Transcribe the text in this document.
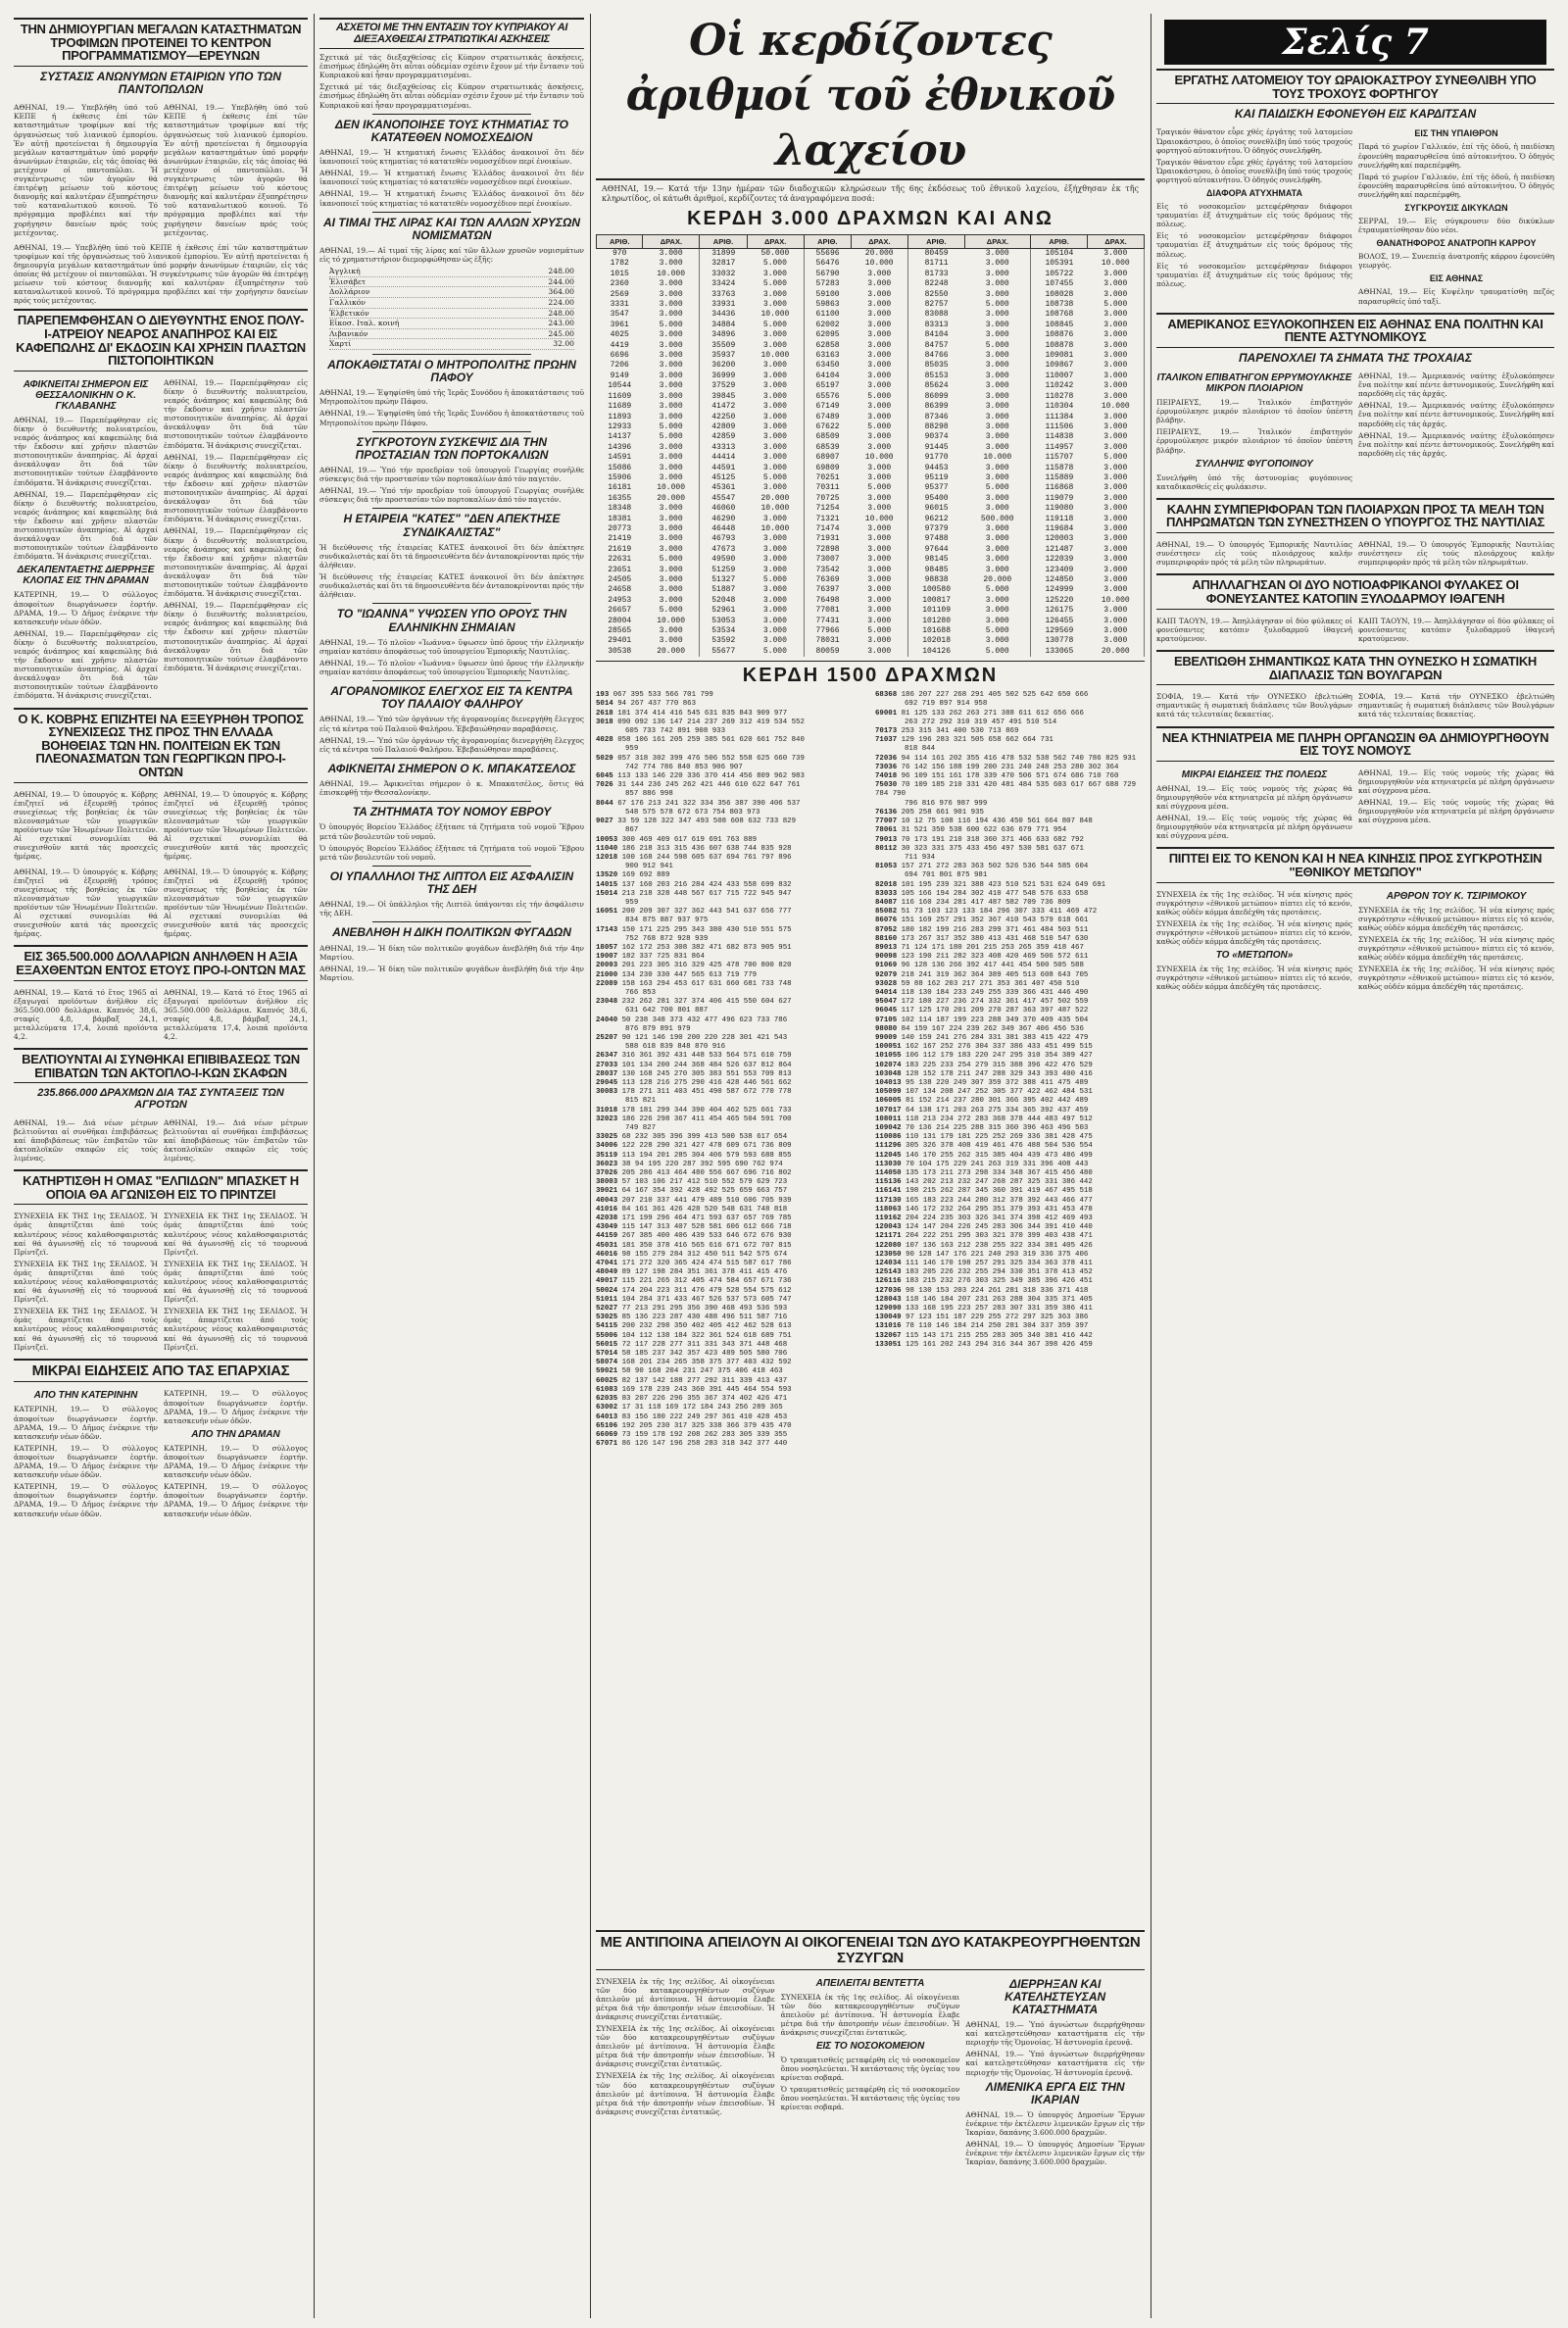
ΤΗΝ ΔΗΜΙΟΥΡΓΙΑΝ ΜΕΓΑΛΩΝ ΚΑΤΑΣΤΗΜΑΤΩΝ ΤΡΟΦΙΜΩΝ ΠΡΟΤΕΙΝΕΙ ΤΟ ΚΕΝΤΡΟΝ ΠΡΟΓΡΑΜΜΑΤΙΣΜΟΥ—ΕΡΕΥΝΩΝ
ΣΥΣΤΑΣΙΣ ΑΝΩΝΥΜΩΝ ΕΤΑΙΡΙΩΝ ΥΠΟ ΤΩΝ ΠΑΝΤΟΠΩΛΩΝ
ΑΘΗΝΑΙ, 19.— Υπεβλήθη ύπό τοῦ ΚΕΠΕ ή έκθεσις ἐπί τῶν καταστημάτων τροφίμων καί τῆς ὀργανώσεως τοῦ λιανικοῦ ἐμπορίου. Ἐν αὐτῇ προτείνεται ἡ δημιουργία μεγάλων καταστημάτων ὑπό μορφήν ἀνωνύμων ἑταιριῶν, εἰς τάς ὁποίας θά μετέχουν οἱ παντοπῶλαι. Ἡ συγκέντρωσις τῶν ἀγορῶν θά ἐπιτρέψῃ μείωσιν τοῦ κόστους διανομῆς καί καλυτέραν ἐξυπηρέτησιν τοῦ καταναλωτικοῦ κοινοῦ. Τό πρόγραμμα προβλέπει καί τήν χορήγησιν δανείων πρός τούς μετέχοντας.
ΑΘΗΝΑΙ, 19.— Υπεβλήθη ύπό τοῦ ΚΕΠΕ ή έκθεσις ἐπί τῶν καταστημάτων τροφίμων καί τῆς ὀργανώσεως τοῦ λιανικοῦ ἐμπορίου. Ἐν αὐτῇ προτείνεται ἡ δημιουργία μεγάλων καταστημάτων ὑπό μορφήν ἀνωνύμων ἑταιριῶν, εἰς τάς ὁποίας θά μετέχουν οἱ παντοπῶλαι. Ἡ συγκέντρωσις τῶν ἀγορῶν θά ἐπιτρέψῃ μείωσιν τοῦ κόστους διανομῆς καί καλυτέραν ἐξυπηρέτησιν τοῦ καταναλωτικοῦ κοινοῦ. Τό πρόγραμμα προβλέπει καί τήν χορήγησιν δανείων πρός τούς μετέχοντας.
ΑΘΗΝΑΙ, 19.— Υπεβλήθη ύπό τοῦ ΚΕΠΕ ή έκθεσις ἐπί τῶν καταστημάτων τροφίμων καί τῆς ὀργανώσεως τοῦ λιανικοῦ ἐμπορίου. Ἐν αὐτῇ προτείνεται ἡ δημιουργία μεγάλων καταστημάτων ὑπό μορφήν ἀνωνύμων ἑταιριῶν, εἰς τάς ὁποίας θά μετέχουν οἱ παντοπῶλαι. Ἡ συγκέντρωσις τῶν ἀγορῶν θά ἐπιτρέψῃ μείωσιν τοῦ κόστους διανομῆς καί καλυτέραν ἐξυπηρέτησιν τοῦ καταναλωτικοῦ κοινοῦ. Τό πρόγραμμα προβλέπει καί τήν χορήγησιν δανείων πρός τούς μετέχοντας.
ΠΑΡΕΠΕΜΦΘΗΣΑΝ Ο ΔΙΕΥΘΥΝΤΗΣ ΕΝΟΣ ΠΟΛΥ-Ι-ΑΤΡΕΙΟΥ ΝΕΑΡΟΣ ΑΝΑΠΗΡΟΣ ΚΑΙ ΕΙΣ ΚΑΦΕΠΩΛΗΣ ΔΙ' ΕΚΔΟΣΙΝ ΚΑΙ ΧΡΗΣΙΝ ΠΛΑΣΤΩΝ ΠΙΣΤΟΠΟΙΗΤΙΚΩΝ
ΑΦΙΚΝΕΙΤΑΙ ΣΗΜΕΡΟΝ ΕΙΣ ΘΕΣΣΑΛΟΝΙΚΗΝ Ο Κ. ΓΚΛΑΒΑΝΗΣ
ΑΘΗΝΑΙ, 19.— Παρεπέμφθησαν εἰς δίκην ὁ διευθυντής πολυιατρείου, νεαρός ἀνάπηρος καί καφεπώλης διά τήν ἔκδοσιν καί χρῆσιν πλαστῶν πιστοποιητικῶν ἀναπηρίας. Αἱ ἀρχαί ἀνεκάλυψαν ὅτι διά τῶν πιστοποιητικῶν τούτων ἐλαμβάνοντο ἐπιδόματα. Ἡ ἀνάκρισις συνεχίζεται.
ΑΘΗΝΑΙ, 19.— Παρεπέμφθησαν εἰς δίκην ὁ διευθυντής πολυιατρείου, νεαρός ἀνάπηρος καί καφεπώλης διά τήν ἔκδοσιν καί χρῆσιν πλαστῶν πιστοποιητικῶν ἀναπηρίας. Αἱ ἀρχαί ἀνεκάλυψαν ὅτι διά τῶν πιστοποιητικῶν τούτων ἐλαμβάνοντο ἐπιδόματα. Ἡ ἀνάκρισις συνεχίζεται.
ΔΕΚΑΠΕΝΤΑΕΤΗΣ ΔΙΕΡΡΗΞΕ ΚΛΟΠΑΣ ΕΙΣ ΤΗΝ ΔΡΑΜΑΝ
ΚΑΤΕΡΙΝΗ, 19.— Ὁ σύλλογος ἀποφοίτων διωργάνωσεν ἑορτήν. ΔΡΑΜΑ, 19.— Ὁ Δῆμος ἐνέκρινε τήν κατασκευήν νέων ὁδῶν.
ΑΘΗΝΑΙ, 19.— Παρεπέμφθησαν εἰς δίκην ὁ διευθυντής πολυιατρείου, νεαρός ἀνάπηρος καί καφεπώλης διά τήν ἔκδοσιν καί χρῆσιν πλαστῶν πιστοποιητικῶν ἀναπηρίας. Αἱ ἀρχαί ἀνεκάλυψαν ὅτι διά τῶν πιστοποιητικῶν τούτων ἐλαμβάνοντο ἐπιδόματα. Ἡ ἀνάκρισις συνεχίζεται.
ΑΘΗΝΑΙ, 19.— Παρεπέμφθησαν εἰς δίκην ὁ διευθυντής πολυιατρείου, νεαρός ἀνάπηρος καί καφεπώλης διά τήν ἔκδοσιν καί χρῆσιν πλαστῶν πιστοποιητικῶν ἀναπηρίας. Αἱ ἀρχαί ἀνεκάλυψαν ὅτι διά τῶν πιστοποιητικῶν τούτων ἐλαμβάνοντο ἐπιδόματα. Ἡ ἀνάκρισις συνεχίζεται.
ΑΘΗΝΑΙ, 19.— Παρεπέμφθησαν εἰς δίκην ὁ διευθυντής πολυιατρείου, νεαρός ἀνάπηρος καί καφεπώλης διά τήν ἔκδοσιν καί χρῆσιν πλαστῶν πιστοποιητικῶν ἀναπηρίας. Αἱ ἀρχαί ἀνεκάλυψαν ὅτι διά τῶν πιστοποιητικῶν τούτων ἐλαμβάνοντο ἐπιδόματα. Ἡ ἀνάκρισις συνεχίζεται.
ΑΘΗΝΑΙ, 19.— Παρεπέμφθησαν εἰς δίκην ὁ διευθυντής πολυιατρείου, νεαρός ἀνάπηρος καί καφεπώλης διά τήν ἔκδοσιν καί χρῆσιν πλαστῶν πιστοποιητικῶν ἀναπηρίας. Αἱ ἀρχαί ἀνεκάλυψαν ὅτι διά τῶν πιστοποιητικῶν τούτων ἐλαμβάνοντο ἐπιδόματα. Ἡ ἀνάκρισις συνεχίζεται.
ΑΘΗΝΑΙ, 19.— Παρεπέμφθησαν εἰς δίκην ὁ διευθυντής πολυιατρείου, νεαρός ἀνάπηρος καί καφεπώλης διά τήν ἔκδοσιν καί χρῆσιν πλαστῶν πιστοποιητικῶν ἀναπηρίας. Αἱ ἀρχαί ἀνεκάλυψαν ὅτι διά τῶν πιστοποιητικῶν τούτων ἐλαμβάνοντο ἐπιδόματα. Ἡ ἀνάκρισις συνεχίζεται.
Ο Κ. ΚΟΒΡΗΣ ΕΠΙΖΗΤΕΙ ΝΑ ΕΞΕΥΡΗΘΗ ΤΡΟΠΟΣ ΣΥΝΕΧΙΣΕΩΣ ΤΗΣ ΠΡΟΣ ΤΗΝ ΕΛΛΑΔΑ ΒΟΗΘΕΙΑΣ ΤΩΝ ΗΝ. ΠΟΛΙΤΕΙΩΝ ΕΚ ΤΩΝ ΠΛΕΟΝΑΣΜΑΤΩΝ ΤΩΝ ΓΕΩΡΓΙΚΩΝ ΠΡΟ-Ι-ΟΝΤΩΝ
ΑΘΗΝΑΙ, 19.— Ὁ ὑπουργός κ. Κόβρης ἐπιζητεῖ νά ἐξευρεθῇ τρόπος συνεχίσεως τῆς βοηθείας ἐκ τῶν πλεονασμάτων τῶν γεωργικῶν προϊόντων τῶν Ἡνωμένων Πολιτειῶν. Αἱ σχετικαί συνομιλίαι θά συνεχισθοῦν κατά τάς προσεχεῖς ἡμέρας.
ΑΘΗΝΑΙ, 19.— Ὁ ὑπουργός κ. Κόβρης ἐπιζητεῖ νά ἐξευρεθῇ τρόπος συνεχίσεως τῆς βοηθείας ἐκ τῶν πλεονασμάτων τῶν γεωργικῶν προϊόντων τῶν Ἡνωμένων Πολιτειῶν. Αἱ σχετικαί συνομιλίαι θά συνεχισθοῦν κατά τάς προσεχεῖς ἡμέρας.
ΑΘΗΝΑΙ, 19.— Ὁ ὑπουργός κ. Κόβρης ἐπιζητεῖ νά ἐξευρεθῇ τρόπος συνεχίσεως τῆς βοηθείας ἐκ τῶν πλεονασμάτων τῶν γεωργικῶν προϊόντων τῶν Ἡνωμένων Πολιτειῶν. Αἱ σχετικαί συνομιλίαι θά συνεχισθοῦν κατά τάς προσεχεῖς ἡμέρας.
ΑΘΗΝΑΙ, 19.— Ὁ ὑπουργός κ. Κόβρης ἐπιζητεῖ νά ἐξευρεθῇ τρόπος συνεχίσεως τῆς βοηθείας ἐκ τῶν πλεονασμάτων τῶν γεωργικῶν προϊόντων τῶν Ἡνωμένων Πολιτειῶν. Αἱ σχετικαί συνομιλίαι θά συνεχισθοῦν κατά τάς προσεχεῖς ἡμέρας.
ΕΙΣ 365.500.000 ΔΟΛΛΑΡΙΩΝ ΑΝΗΛΘΕΝ Η ΑΞΙΑ ΕΞΑΧΘΕΝΤΩΝ ΕΝΤΟΣ ΕΤΟΥΣ ΠΡΟ-Ι-ΟΝΤΩΝ ΜΑΣ
ΑΘΗΝΑΙ, 19.— Κατά τό ἔτος 1965 αἱ ἐξαγωγαί προϊόντων ἀνῆλθον εἰς 365.500.000 δολλάρια. Καπνός 38,6, σταφίς 4,8, βάμβαξ 24,1, μεταλλεύματα 17,4, λοιπά προϊόντα 4,2.
ΑΘΗΝΑΙ, 19.— Κατά τό ἔτος 1965 αἱ ἐξαγωγαί προϊόντων ἀνῆλθον εἰς 365.500.000 δολλάρια. Καπνός 38,6, σταφίς 4,8, βάμβαξ 24,1, μεταλλεύματα 17,4, λοιπά προϊόντα 4,2.
ΒΕΛΤΙΟΥΝΤΑΙ ΑΙ ΣΥΝΘΗΚΑΙ ΕΠΙΒΙΒΑΣΕΩΣ ΤΩΝ ΕΠΙΒΑΤΩΝ ΤΩΝ ΑΚΤΟΠΛΟ-Ι-ΚΩΝ ΣΚΑΦΩΝ
235.866.000 ΔΡΑΧΜΩΝ ΔΙΑ ΤΑΣ ΣΥΝΤΑΞΕΙΣ ΤΩΝ ΑΓΡΟΤΩΝ
ΑΘΗΝΑΙ, 19.— Διά νέων μέτρων βελτιοῦνται αἱ συνθῆκαι ἐπιβιβάσεως καί ἀποβιβάσεως τῶν ἐπιβατῶν τῶν ἀκτοπλοϊκῶν σκαφῶν εἰς τούς λιμένας.
ΑΘΗΝΑΙ, 19.— Διά νέων μέτρων βελτιοῦνται αἱ συνθῆκαι ἐπιβιβάσεως καί ἀποβιβάσεως τῶν ἐπιβατῶν τῶν ἀκτοπλοϊκῶν σκαφῶν εἰς τούς λιμένας.
ΚΑΤΗΡΤΙΣΘΗ Η ΟΜΑΣ "ΕΛΠΙΔΩΝ" ΜΠΑΣΚΕΤ Η ΟΠΟΙΑ ΘΑ ΑΓΩΝΙΣΘΗ ΕΙΣ ΤΟ ΠΡΙΝΤΖΕΙ
ΣΥΝΕΧΕΙΑ ΕΚ ΤΗΣ 1ης ΣΕΛΙΔΟΣ. Ἡ ὁμάς ἀπαρτίζεται ἀπό τούς καλυτέρους νέους καλαθοσφαιριστάς καί θά ἀγωνισθῇ εἰς τό τουρνουά Πρίντζεϊ.
ΣΥΝΕΧΕΙΑ ΕΚ ΤΗΣ 1ης ΣΕΛΙΔΟΣ. Ἡ ὁμάς ἀπαρτίζεται ἀπό τούς καλυτέρους νέους καλαθοσφαιριστάς καί θά ἀγωνισθῇ εἰς τό τουρνουά Πρίντζεϊ.
ΣΥΝΕΧΕΙΑ ΕΚ ΤΗΣ 1ης ΣΕΛΙΔΟΣ. Ἡ ὁμάς ἀπαρτίζεται ἀπό τούς καλυτέρους νέους καλαθοσφαιριστάς καί θά ἀγωνισθῇ εἰς τό τουρνουά Πρίντζεϊ.
ΣΥΝΕΧΕΙΑ ΕΚ ΤΗΣ 1ης ΣΕΛΙΔΟΣ. Ἡ ὁμάς ἀπαρτίζεται ἀπό τούς καλυτέρους νέους καλαθοσφαιριστάς καί θά ἀγωνισθῇ εἰς τό τουρνουά Πρίντζεϊ.
ΣΥΝΕΧΕΙΑ ΕΚ ΤΗΣ 1ης ΣΕΛΙΔΟΣ. Ἡ ὁμάς ἀπαρτίζεται ἀπό τούς καλυτέρους νέους καλαθοσφαιριστάς καί θά ἀγωνισθῇ εἰς τό τουρνουά Πρίντζεϊ.
ΣΥΝΕΧΕΙΑ ΕΚ ΤΗΣ 1ης ΣΕΛΙΔΟΣ. Ἡ ὁμάς ἀπαρτίζεται ἀπό τούς καλυτέρους νέους καλαθοσφαιριστάς καί θά ἀγωνισθῇ εἰς τό τουρνουά Πρίντζεϊ.
ΜΙΚΡΑΙ ΕΙΔΗΣΕΙΣ ΑΠΟ ΤΑΣ ΕΠΑΡΧΙΑΣ
ΑΠΟ ΤΗΝ ΚΑΤΕΡΙΝΗΝ
ΚΑΤΕΡΙΝΗ, 19.— Ὁ σύλλογος ἀποφοίτων διωργάνωσεν ἑορτήν. ΔΡΑΜΑ, 19.— Ὁ Δῆμος ἐνέκρινε τήν κατασκευήν νέων ὁδῶν.
ΚΑΤΕΡΙΝΗ, 19.— Ὁ σύλλογος ἀποφοίτων διωργάνωσεν ἑορτήν. ΔΡΑΜΑ, 19.— Ὁ Δῆμος ἐνέκρινε τήν κατασκευήν νέων ὁδῶν.
ΚΑΤΕΡΙΝΗ, 19.— Ὁ σύλλογος ἀποφοίτων διωργάνωσεν ἑορτήν. ΔΡΑΜΑ, 19.— Ὁ Δῆμος ἐνέκρινε τήν κατασκευήν νέων ὁδῶν.
ΚΑΤΕΡΙΝΗ, 19.— Ὁ σύλλογος ἀποφοίτων διωργάνωσεν ἑορτήν. ΔΡΑΜΑ, 19.— Ὁ Δῆμος ἐνέκρινε τήν κατασκευήν νέων ὁδῶν.
ΑΠΟ ΤΗΝ ΔΡΑΜΑΝ
ΚΑΤΕΡΙΝΗ, 19.— Ὁ σύλλογος ἀποφοίτων διωργάνωσεν ἑορτήν. ΔΡΑΜΑ, 19.— Ὁ Δῆμος ἐνέκρινε τήν κατασκευήν νέων ὁδῶν.
ΚΑΤΕΡΙΝΗ, 19.— Ὁ σύλλογος ἀποφοίτων διωργάνωσεν ἑορτήν. ΔΡΑΜΑ, 19.— Ὁ Δῆμος ἐνέκρινε τήν κατασκευήν νέων ὁδῶν.
ΑΣΧΕΤΟΙ ΜΕ ΤΗΝ ΕΝΤΑΣΙΝ ΤΟΥ ΚΥΠΡΙΑΚΟΥ ΑΙ ΔΙΕΞΑΧΘΕΙΣΑΙ ΣΤΡΑΤΙΩΤΙΚΑΙ ΑΣΚΗΣΕΙΣ
Σχετικά μέ τάς διεξαχθείσας εἰς Κύπρον στρατιωτικάς ἀσκήσεις, ἐπισήμως ἐδηλώθη ὅτι αὗται οὐδεμίαν σχέσιν ἔχουν μέ τήν ἔντασιν τοῦ Κυπριακοῦ καί ἦσαν προγραμματισμέναι.
Σχετικά μέ τάς διεξαχθείσας εἰς Κύπρον στρατιωτικάς ἀσκήσεις, ἐπισήμως ἐδηλώθη ὅτι αὗται οὐδεμίαν σχέσιν ἔχουν μέ τήν ἔντασιν τοῦ Κυπριακοῦ καί ἦσαν προγραμματισμέναι.
ΔΕΝ ΙΚΑΝΟΠΟΙΗΣΕ ΤΟΥΣ ΚΤΗΜΑΤΙΑΣ ΤΟ ΚΑΤΑΤΕΘΕΝ ΝΟΜΟΣΧΕΔΙΟΝ
ΑΘΗΝΑΙ, 19.— Ἡ κτηματική ἕνωσις Ἑλλάδος ἀνακοινοῖ ὅτι δέν ἱκανοποιεῖ τούς κτηματίας τό κατατεθέν νομοσχέδιον περί ἐνοικίων.
ΑΘΗΝΑΙ, 19.— Ἡ κτηματική ἕνωσις Ἑλλάδος ἀνακοινοῖ ὅτι δέν ἱκανοποιεῖ τούς κτηματίας τό κατατεθέν νομοσχέδιον περί ἐνοικίων.
ΑΘΗΝΑΙ, 19.— Ἡ κτηματική ἕνωσις Ἑλλάδος ἀνακοινοῖ ὅτι δέν ἱκανοποιεῖ τούς κτηματίας τό κατατεθέν νομοσχέδιον περί ἐνοικίων.
ΑΙ ΤΙΜΑΙ ΤΗΣ ΛΙΡΑΣ ΚΑΙ ΤΩΝ ΑΛΛΩΝ ΧΡΥΣΩΝ ΝΟΜΙΣΜΑΤΩΝ
ΑΘΗΝΑΙ, 19.— Αἱ τιμαί τῆς λίρας καί τῶν ἄλλων χρυσῶν νομισμάτων εἰς τό χρηματιστήριον διεμορφώθησαν ὡς ἑξῆς:
Ἀγγλική	248.00
Ἐλισάβετ	244.00
Δολλάριον	364.00
Γαλλικόν	224.00
Ἐλβετικόν	248.00
Εἰκοσ. Ιταλ. κοινή	243.00
Λιβανικόν	245.00
Χαρτί	32.00
ΑΠΟΚΑΘΙΣΤΑΤΑΙ Ο ΜΗΤΡΟΠΟΛΙΤΗΣ ΠΡΩΗΝ ΠΑΦΟΥ
ΑΘΗΝΑΙ, 19.— Ἐψηφίσθη ὑπό τῆς Ἱερᾶς Συνόδου ἡ ἀποκατάστασις τοῦ Μητροπολίτου πρώην Πάφου.
ΑΘΗΝΑΙ, 19.— Ἐψηφίσθη ὑπό τῆς Ἱερᾶς Συνόδου ἡ ἀποκατάστασις τοῦ Μητροπολίτου πρώην Πάφου.
ΣΥΓΚΡΟΤΟΥΝ ΣΥΣΚΕΨΙΣ ΔΙΑ ΤΗΝ ΠΡΟΣΤΑΣΙΑΝ ΤΩΝ ΠΟΡΤΟΚΑΛΙΩΝ
ΑΘΗΝΑΙ, 19.— Ὑπό τήν προεδρίαν τοῦ ὑπουργοῦ Γεωργίας συνῆλθε σύσκεψις διά τήν προστασίαν τῶν πορτοκαλίων ἀπό τόν παγετόν.
ΑΘΗΝΑΙ, 19.— Ὑπό τήν προεδρίαν τοῦ ὑπουργοῦ Γεωργίας συνῆλθε σύσκεψις διά τήν προστασίαν τῶν πορτοκαλίων ἀπό τόν παγετόν.
Η ΕΤΑΙΡΕΙΑ "ΚΑΤΕΣ" "ΔΕΝ ΑΠΕΚΤΗΣΕ ΣΥΝΔΙΚΑΛΙΣΤΑΣ"
Ἡ διεύθυνσις τῆς ἑταιρείας ΚΑΤΕΣ ἀνακοινοῖ ὅτι δέν ἀπέκτησε συνδικαλιστάς καί ὅτι τά δημοσιευθέντα δέν ἀνταποκρίνονται πρός τήν ἀλήθειαν.
Ἡ διεύθυνσις τῆς ἑταιρείας ΚΑΤΕΣ ἀνακοινοῖ ὅτι δέν ἀπέκτησε συνδικαλιστάς καί ὅτι τά δημοσιευθέντα δέν ἀνταποκρίνονται πρός τήν ἀλήθειαν.
ΤΟ "ΙΩΑΝΝΑ" ΥΨΩΣΕΝ ΥΠΟ ΟΡΟΥΣ ΤΗΝ ΕΛΛΗΝΙΚΗΝ ΣΗΜΑΙΑΝ
ΑΘΗΝΑΙ, 19.— Τό πλοῖον «Ἰωάννα» ὕψωσεν ὑπό ὅρους τήν ἑλληνικήν σημαίαν κατόπιν ἀποφάσεως τοῦ ὑπουργείου Ἐμπορικῆς Ναυτιλίας.
ΑΘΗΝΑΙ, 19.— Τό πλοῖον «Ἰωάννα» ὕψωσεν ὑπό ὅρους τήν ἑλληνικήν σημαίαν κατόπιν ἀποφάσεως τοῦ ὑπουργείου Ἐμπορικῆς Ναυτιλίας.
ΑΓΟΡΑΝΟΜΙΚΟΣ ΕΛΕΓΧΟΣ ΕΙΣ ΤΑ ΚΕΝΤΡΑ ΤΟΥ ΠΑΛΑΙΟΥ ΦΑΛΗΡΟΥ
ΑΘΗΝΑΙ, 19.— Ὑπό τῶν ὀργάνων τῆς ἀγορανομίας διενεργήθη ἔλεγχος εἰς τά κέντρα τοῦ Παλαιοῦ Φαλήρου. Ἐβεβαιώθησαν παραβάσεις.
ΑΘΗΝΑΙ, 19.— Ὑπό τῶν ὀργάνων τῆς ἀγορανομίας διενεργήθη ἔλεγχος εἰς τά κέντρα τοῦ Παλαιοῦ Φαλήρου. Ἐβεβαιώθησαν παραβάσεις.
ΑΦΙΚΝΕΙΤΑΙ ΣΗΜΕΡΟΝ Ο Κ. ΜΠΑΚΑΤΣΕΛΟΣ
ΑΘΗΝΑΙ, 19.— Ἀφικνεῖται σήμερον ὁ κ. Μπακατσέλος, ὅστις θά ἐπισκεφθῇ τήν Θεσσαλονίκην.
ΤΑ ΖΗΤΗΜΑΤΑ ΤΟΥ ΝΟΜΟΥ ΕΒΡΟΥ
Ὁ ὑπουργός Βορείου Ἑλλάδος ἐξήτασε τά ζητήματα τοῦ νομοῦ Ἕβρου μετά τῶν βουλευτῶν τοῦ νομοῦ.
Ὁ ὑπουργός Βορείου Ἑλλάδος ἐξήτασε τά ζητήματα τοῦ νομοῦ Ἕβρου μετά τῶν βουλευτῶν τοῦ νομοῦ.
ΟΙ ΥΠΑΛΛΗΛΟΙ ΤΗΣ ΛΙΠΤΟΛ ΕΙΣ ΑΣΦΑΛΙΣΙΝ ΤΗΣ ΔΕΗ
ΑΘΗΝΑΙ, 19.— Οἱ ὑπάλληλοι τῆς Λιπτόλ ὑπάγονται εἰς τήν ἀσφάλισιν τῆς ΔΕΗ.
ΑΝΕΒΛΗΘΗ Η ΔΙΚΗ ΠΟΛΙΤΙΚΩΝ ΦΥΓΑΔΩΝ
ΑΘΗΝΑΙ, 19.— Ἡ δίκη τῶν πολιτικῶν φυγάδων ἀνεβλήθη διά τήν 4ην Μαρτίου.
ΑΘΗΝΑΙ, 19.— Ἡ δίκη τῶν πολιτικῶν φυγάδων ἀνεβλήθη διά τήν 4ην Μαρτίου.
Οἱ κερδίζοντες ἀριθμοί τοῦ ἐθνικοῦ λαχείου
ΑΘΗΝΑΙ, 19.— Κατά τήν 13ην ἡμέραν τῶν διαδοχικῶν κληρώσεων τῆς 6ης ἐκδόσεως τοῦ ἐθνικοῦ λαχείου, ἐξήχθησαν ἐκ τῆς κληρωτίδος, οἱ κάτωθι ἀριθμοί, κερδίζοντες τά ἀναγραφόμενα ποσά:
ΚΕΡΔΗ 3.000 ΔΡΑΧΜΩΝ ΚΑΙ ΑΝΩ
ΑΡΙΘ.	ΔΡΑΧ.	ΑΡΙΘ.	ΔΡΑΧ.	ΑΡΙΘ.	ΔΡΑΧ.	ΑΡΙΘ.	ΔΡΑΧ.	ΑΡΙΘ.	ΔΡΑΧ.
970	3.000	31899	50.000	55696	20.000	80459	3.000	105104	3.000
1782	3.000	32817	5.000	56476	10.000	81711	3.000	105391	10.000
1015	10.000	33032	3.000	56790	3.000	81733	3.000	105722	3.000
2360	3.000	33424	5.000	57283	3.000	82248	3.000	107455	3.000
2569	3.000	33763	3.000	59100	3.000	82550	3.000	108028	3.000
3331	3.000	33931	3.000	59863	3.000	82757	5.000	108738	5.000
3547	3.000	34436	10.000	61100	3.000	83088	3.000	108768	3.000
3961	5.000	34884	5.000	62002	3.000	83313	3.000	108845	3.000
4025	3.000	34896	3.000	62095	3.000	84104	3.000	108876	3.000
4419	3.000	35509	3.000	62858	3.000	84757	5.000	108878	3.000
6696	3.000	35937	10.000	63163	3.000	84766	3.000	109081	3.000
7206	3.000	36200	3.000	63450	3.000	85035	3.000	109867	3.000
9149	3.000	36999	3.000	64104	3.000	85153	3.000	110007	3.000
10544	3.000	37529	3.000	65197	3.000	85624	3.000	110242	3.000
11609	3.000	39845	3.000	65576	5.000	86099	3.000	110278	3.000
11689	3.000	41472	3.000	67149	3.000	86399	3.000	110304	10.000
11893	3.000	42250	3.000	67489	3.000	87346	3.000	111384	3.000
12933	5.000	42809	3.000	67622	5.000	88298	3.000	111506	3.000
14137	5.000	42859	3.000	68509	3.000	90374	3.000	114838	3.000
14396	3.000	43313	3.000	68539	3.000	91445	3.000	114957	3.000
14591	3.000	44414	3.000	68907	10.000	91770	10.000	115707	5.000
15086	3.000	44591	3.000	69809	3.000	94453	3.000	115878	3.000
15906	3.000	45125	5.000	70251	3.000	95119	3.000	115889	3.000
16181	10.000	45361	3.000	70311	5.000	95377	5.000	116868	3.000
16355	20.000	45547	20.000	70725	3.000	95400	3.000	119079	3.000
18348	3.000	46060	10.000	71254	3.000	96015	3.000	119080	3.000
18381	3.000	46290	3.000	71321	10.000	96212	500.000	119118	3.000
20773	3.000	46448	10.000	71474	3.000	97379	3.000	119684	3.000
21419	3.000	46793	3.000	71931	3.000	97488	3.000	120003	3.000
21619	3.000	47673	3.000	72898	3.000	97644	3.000	121487	3.000
22631	5.000	49590	3.000	73007	3.000	98145	3.000	122039	3.000
23651	3.000	51259	3.000	73542	3.000	98485	3.000	123409	3.000
24505	3.000	51327	5.000	76369	3.000	98838	20.000	124850	3.000
24658	3.000	51887	3.000	76397	3.000	100580	5.000	124999	3.000
24953	3.000	52048	3.000	76498	3.000	100817	3.000	125220	10.000
26657	5.000	52961	3.000	77081	3.000	101109	3.000	126175	3.000
28004	10.000	53053	3.000	77431	3.000	101280	3.000	126455	3.000
28565	3.000	53534	3.000	77966	5.000	101688	5.000	129569	3.000
29401	3.000	53592	3.000	78031	3.000	102018	3.000	130778	3.000
30538	20.000	55677	5.000	80059	3.000	104126	5.000	133065	20.000
ΚΕΡΔΗ 1500 ΔΡΑΧΜΩΝ
193 067 395 533 566 701 799
5014 94 267 437 770 863
2618 181 374 414 416 545 631 835 843 909 977
3018 090 092 136 147 214 237 269 312 419 534 552
605 733 742 891 908 933
4028 058 106 161 205 259 385 561 620 661 752 840
959
5029 057 318 302 399 476 506 552 558 625 660 739
742 774 786 840 853 906 907
6045 113 133 146 220 336 370 414 456 809 962 983
7026 31 144 236 245 262 421 446 610 622 647 761
857 886 998
8044 67 176 213 241 322 334 356 387 390 406 537
548 575 578 672 673 754 803 973
9027 33 59 128 322 347 493 508 608 632 733 829
867
10053 300 469 409 617 619 691 763 889
11040 186 218 313 315 436 607 638 744 835 928
12018 100 168 244 598 605 637 694 761 797 896
900 912 941
13520 169 692 889
14015 137 160 203 216 284 424 433 558 699 832
15014 213 218 328 448 567 617 715 722 945 947
959
16051 200 209 307 327 362 443 541 637 656 777
834 875 887 937 975
17143 150 171 225 295 343 380 430 510 551 575
752 768 872 928 939
18057 162 172 253 308 382 471 682 873 905 951
19007 182 337 725 831 864
20093 201 223 305 316 329 425 478 700 800 820
21000 134 230 330 447 565 613 719 779
22089 158 163 294 453 617 631 660 681 733 748
766 853
23048 232 262 281 327 374 406 415 550 604 627
631 642 700 801 887
24040 50 238 348 373 432 477 496 623 733 786
876 879 891 979
25207 90 121 146 190 200 220 228 301 421 543
588 618 839 848 870 916
26347 316 361 392 431 448 533 564 571 610 759
27033 101 134 200 244 368 484 526 637 812 864
28037 130 168 245 270 305 383 551 553 709 813
29045 113 128 216 275 290 416 428 446 561 662
30083 178 271 311 403 451 490 587 672 770 778
815 821
31018 178 181 299 344 390 404 462 525 661 733
32023 186 226 298 367 411 454 465 504 591 700
749 827
33025 68 232 305 396 399 413 500 538 617 654
34006 122 228 290 321 427 478 609 671 736 809
35119 113 194 201 285 304 406 579 593 688 855
36023 38 94 195 220 287 392 595 690 762 974
37026 205 286 413 464 480 556 667 696 716 802
38003 57 103 106 217 412 510 552 579 629 723
39021 64 167 354 392 428 492 525 659 663 757
40043 207 210 337 441 479 489 510 606 705 939
41016 84 161 361 426 428 520 548 631 748 818
42038 171 199 296 464 471 593 637 657 769 785
43049 115 147 313 407 528 581 606 612 666 718
44159 267 385 400 406 439 533 646 672 676 930
45031 181 350 378 416 565 616 671 672 707 815
46016 98 155 279 284 312 450 511 542 575 674
47041 171 272 320 365 424 474 515 587 617 786
48049 89 127 198 284 351 361 378 411 415 476
49017 115 221 265 312 405 474 584 657 671 736
50024 174 204 223 311 476 479 528 554 575 612
51011 104 284 371 433 467 526 537 573 605 747
52027 77 213 291 295 356 390 468 493 536 593
53025 85 136 223 287 430 488 496 511 587 716
54115 200 232 298 350 402 405 412 462 528 613
55006 104 112 138 184 322 361 524 618 689 751
56015 72 117 228 277 311 331 343 371 448 468
57014 58 185 237 342 357 423 489 505 580 706
58074 168 201 234 265 358 375 377 403 432 592
59021 58 90 168 204 231 247 375 406 418 463
60025 82 137 142 188 277 292 311 339 413 437
61083 169 178 239 243 360 391 445 464 554 593
62035 83 207 226 296 355 367 374 402 426 471
63002 17 31 118 169 172 184 243 256 289 365
64013 83 156 180 222 249 297 361 410 428 453
65106 192 205 230 317 325 338 366 379 435 470
66069 73 159 178 192 208 262 283 305 339 355
67071 86 126 147 196 258 283 318 342 377 440
68368 186 207 227 268 291 405 502 525 642 650 666
692 719 897 914 958
69001 81 125 133 262 263 271 388 611 612 656 666
263 272 292 310 319 457 491 510 514
70173 253 315 341 400 530 713 869
71037 129 196 283 321 505 658 662 664 731
818 844
72036 94 114 161 202 355 416 478 532 538 562 740 786 825 931
73036 76 142 156 188 199 200 231 240 248 253 280 302 364
74018 96 109 151 161 178 339 470 506 571 674 686 710 760
75030 70 109 185 210 331 420 481 484 535 603 617 667 688 729 784 790
796 816 976 987 999
76136 205 258 661 901 935
77007 10 12 75 108 116 194 436 450 561 664 807 848
78061 31 521 350 538 600 622 636 679 771 954
79013 70 173 191 210 318 360 371 466 633 682 792
80112 30 323 331 375 433 456 497 530 581 637 671
711 934
81053 157 271 272 283 363 502 526 536 544 585 604
694 701 801 875 981
82018 101 195 239 321 388 423 510 521 531 624 649 691
83033 105 166 194 284 302 410 477 548 576 633 658
84087 116 160 234 281 417 487 582 709 736 809
85082 51 73 103 123 133 184 296 307 333 411 469 472
86076 151 169 257 291 352 367 410 543 579 618 661
87052 180 182 199 216 283 299 371 461 484 503 511
88160 173 267 317 352 380 413 431 468 510 547 630
89013 71 124 171 180 201 215 253 265 359 418 467
90098 123 190 211 282 323 408 420 469 506 572 611
91069 96 128 136 266 392 417 441 454 500 505 588
92079 218 241 319 362 364 389 405 513 608 643 705
93028 59 88 162 203 217 271 353 361 407 450 510
94014 118 130 184 233 249 255 339 366 431 446 490
95047 172 180 227 236 274 332 361 417 457 502 559
96045 117 125 170 201 209 270 287 363 397 487 522
97105 102 114 187 199 223 288 349 370 409 435 504
98080 84 159 167 224 239 262 349 367 406 456 536
99009 140 159 241 276 284 331 381 383 415 422 479
100051 162 167 252 276 304 337 386 433 451 499 515
101055 106 112 179 183 220 247 295 310 354 389 427
102074 183 225 233 254 279 315 388 396 422 476 529
103048 128 152 178 211 247 288 329 343 393 400 416
104013 95 138 220 249 307 359 372 388 411 475 489
105099 107 134 208 247 252 305 377 422 462 484 531
106005 81 152 214 237 280 301 366 395 402 442 489
107017 64 138 171 203 263 275 334 365 392 437 459
108011 118 213 234 272 283 368 378 444 483 497 512
109042 70 136 214 225 288 315 360 396 463 496 503
110086 110 131 179 181 225 252 269 336 381 428 475
111296 305 326 378 408 419 461 476 488 504 536 554
112045 146 170 255 262 315 385 404 439 473 486 499
113030 70 104 175 229 241 263 319 331 396 408 443
114050 135 173 211 273 298 334 348 367 415 456 480
115136 143 202 213 232 247 268 287 325 331 386 442
116141 198 215 262 287 345 360 391 419 467 495 518
117130 165 183 223 244 280 312 378 392 443 466 477
118063 146 172 232 264 295 351 379 393 431 453 478
119162 204 224 235 303 326 341 374 398 412 469 493
120043 124 147 204 226 245 283 306 344 391 410 440
121171 204 222 251 295 303 321 370 399 403 438 471
122080 107 136 163 212 238 255 322 334 381 405 426
123050 90 128 147 176 221 240 293 319 336 375 406
124034 111 146 170 198 257 291 325 334 363 378 411
125143 183 205 226 232 255 294 330 351 378 413 452
126116 183 215 232 276 303 325 349 385 396 426 451
127036 98 130 153 203 224 261 281 318 336 371 418
128043 118 146 184 207 231 263 288 304 335 371 405
129090 133 168 195 223 257 283 307 331 359 386 411
130049 97 123 151 187 229 255 272 297 325 363 386
131016 78 110 146 184 214 250 281 304 337 359 397
132067 115 143 171 215 255 283 305 340 381 416 442
133051 125 161 202 243 294 316 344 367 398 426 459
ΜΕ ΑΝΤΙΠΟΙΝΑ ΑΠΕΙΛΟΥΝ ΑΙ ΟΙΚΟΓΕΝΕΙΑΙ ΤΩΝ ΔΥΟ ΚΑΤΑΚΡΕΟΥΡΓΗΘΕΝΤΩΝ ΣΥΖΥΓΩΝ
ΣΥΝΕΧΕΙΑ ἐκ τῆς 1ης σελίδος. Αἱ οἰκογένειαι τῶν δύο κατακρεουργηθέντων συζύγων ἀπειλοῦν μέ ἀντίποινα. Ἡ ἀστυνομία ἔλαβε μέτρα διά τήν ἀποτροπήν νέων ἐπεισοδίων. Ἡ ἀνάκρισις συνεχίζεται ἐντατικῶς.
ΣΥΝΕΧΕΙΑ ἐκ τῆς 1ης σελίδος. Αἱ οἰκογένειαι τῶν δύο κατακρεουργηθέντων συζύγων ἀπειλοῦν μέ ἀντίποινα. Ἡ ἀστυνομία ἔλαβε μέτρα διά τήν ἀποτροπήν νέων ἐπεισοδίων. Ἡ ἀνάκρισις συνεχίζεται ἐντατικῶς.
ΣΥΝΕΧΕΙΑ ἐκ τῆς 1ης σελίδος. Αἱ οἰκογένειαι τῶν δύο κατακρεουργηθέντων συζύγων ἀπειλοῦν μέ ἀντίποινα. Ἡ ἀστυνομία ἔλαβε μέτρα διά τήν ἀποτροπήν νέων ἐπεισοδίων. Ἡ ἀνάκρισις συνεχίζεται ἐντατικῶς.
ΑΠΕΙΛΕΙΤΑΙ ΒΕΝΤΕΤΤΑ
ΣΥΝΕΧΕΙΑ ἐκ τῆς 1ης σελίδος. Αἱ οἰκογένειαι τῶν δύο κατακρεουργηθέντων συζύγων ἀπειλοῦν μέ ἀντίποινα. Ἡ ἀστυνομία ἔλαβε μέτρα διά τήν ἀποτροπήν νέων ἐπεισοδίων. Ἡ ἀνάκρισις συνεχίζεται ἐντατικῶς.
ΕΙΣ ΤΟ ΝΟΣΟΚΟΜΕΙΟΝ
Ὁ τραυματισθείς μεταφέρθη εἰς τό νοσοκομεῖον ὅπου νοσηλεύεται. Ἡ κατάστασις τῆς ὑγείας του κρίνεται σοβαρά.
Ὁ τραυματισθείς μεταφέρθη εἰς τό νοσοκομεῖον ὅπου νοσηλεύεται. Ἡ κατάστασις τῆς ὑγείας του κρίνεται σοβαρά.
ΔΙΕΡΡΗΞΑΝ ΚΑΙ ΚΑΤΕΛΗΣΤΕΥΣΑΝ ΚΑΤΑΣΤΗΜΑΤΑ
ΑΘΗΝΑΙ, 19.— Ὑπό ἀγνώστων διερρήχθησαν καί κατελῃστεύθησαν καταστήματα εἰς τήν περιοχήν τῆς Ὁμονοίας. Ἡ ἀστυνομία ἐρευνᾷ.
ΑΘΗΝΑΙ, 19.— Ὑπό ἀγνώστων διερρήχθησαν καί κατελῃστεύθησαν καταστήματα εἰς τήν περιοχήν τῆς Ὁμονοίας. Ἡ ἀστυνομία ἐρευνᾷ.
ΛΙΜΕΝΙΚΑ ΕΡΓΑ ΕΙΣ ΤΗΝ ΙΚΑΡΙΑΝ
ΑΘΗΝΑΙ, 19.— Ὁ ὑπουργός Δημοσίων Ἔργων ἐνέκρινε τήν ἐκτέλεσιν λιμενικῶν ἔργων εἰς τήν Ἰκαρίαν, δαπάνης 3.600.000 δραχμῶν.
ΑΘΗΝΑΙ, 19.— Ὁ ὑπουργός Δημοσίων Ἔργων ἐνέκρινε τήν ἐκτέλεσιν λιμενικῶν ἔργων εἰς τήν Ἰκαρίαν, δαπάνης 3.600.000 δραχμῶν.
Σελίς 7
ΕΡΓΑΤΗΣ ΛΑΤΟΜΕΙΟΥ ΤΟΥ ΩΡΑΙΟΚΑΣΤΡΟΥ ΣΥΝΕΘΛΙΒΗ ΥΠΟ ΤΟΥΣ ΤΡΟΧΟΥΣ ΦΟΡΤΗΓΟΥ
ΚΑΙ ΠΑΙΔΙΣΚΗ ΕΦΟΝΕΥΘΗ ΕΙΣ ΚΑΡΔΙΤΣΑΝ
Τραγικόν θάνατον εὗρε χθές ἐργάτης τοῦ λατομείου Ὡραιοκάστρου, ὁ ὁποῖος συνεθλίβη ὑπό τούς τροχούς φορτηγοῦ αὐτοκινήτου. Ὁ ὁδηγός συνελήφθη.
Τραγικόν θάνατον εὗρε χθές ἐργάτης τοῦ λατομείου Ὡραιοκάστρου, ὁ ὁποῖος συνεθλίβη ὑπό τούς τροχούς φορτηγοῦ αὐτοκινήτου. Ὁ ὁδηγός συνελήφθη.
ΔΙΑΦΟΡΑ ΑΤΥΧΗΜΑΤΑ
Εἰς τό νοσοκομεῖον μετεφέρθησαν διάφοροι τραυματίαι ἐξ ἀτυχημάτων εἰς τούς δρόμους τῆς πόλεως.
Εἰς τό νοσοκομεῖον μετεφέρθησαν διάφοροι τραυματίαι ἐξ ἀτυχημάτων εἰς τούς δρόμους τῆς πόλεως.
Εἰς τό νοσοκομεῖον μετεφέρθησαν διάφοροι τραυματίαι ἐξ ἀτυχημάτων εἰς τούς δρόμους τῆς πόλεως.
ΕΙΣ ΤΗΝ ΥΠΑΙΘΡΟΝ
Παρά τό χωρίον Γαλλικόν, ἐπί τῆς ὁδοῦ, ἡ παιδίσκη ἐφονεύθη παρασυρθεῖσα ὑπό αὐτοκινήτου. Ὁ ὁδηγός συνελήφθη καί παρεπέμφθη.
Παρά τό χωρίον Γαλλικόν, ἐπί τῆς ὁδοῦ, ἡ παιδίσκη ἐφονεύθη παρασυρθεῖσα ὑπό αὐτοκινήτου. Ὁ ὁδηγός συνελήφθη καί παρεπέμφθη.
ΣΥΓΚΡΟΥΣΙΣ ΔΙΚΥΚΛΩΝ
ΣΕΡΡΑΙ, 19.— Εἰς σύγκρουσιν δύο δικύκλων ἐτραυματίσθησαν δύο νέοι.
ΘΑΝΑΤΗΦΟΡΟΣ ΑΝΑΤΡΟΠΗ ΚΑΡΡΟΥ
ΒΟΛΟΣ, 19.— Συνεπείᾳ ἀνατροπῆς κάρρου ἐφονεύθη γεωργός.
ΕΙΣ ΑΘΗΝΑΣ
ΑΘΗΝΑΙ, 19.— Εἰς Κυψέλην τραυματίσθη πεζός παρασυρθείς ὑπό ταξί.
ΑΜΕΡΙΚΑΝΟΣ ΕΞΥΛΟΚΟΠΗΣΕΝ ΕΙΣ ΑΘΗΝΑΣ ΕΝΑ ΠΟΛΙΤΗΝ ΚΑΙ ΠΕΝΤΕ ΑΣΤΥΝΟΜΙΚΟΥΣ
ΠΑΡΕΝΟΧΛΕΙ ΤΑ ΣΗΜΑΤΑ ΤΗΣ ΤΡΟΧΑΙΑΣ
ΙΤΑΛΙΚΟΝ ΕΠΙΒΑΤΗΓΟΝ ΕΡΡΥΜΟΥΛΚΗΣΕ ΜΙΚΡΟΝ ΠΛΟΙΑΡΙΟΝ
ΠΕΙΡΑΙΕΥΣ, 19.— Ἰταλικόν ἐπιβατηγόν ἐρρυμούλκησε μικρόν πλοιάριον τό ὁποῖον ὑπέστη βλάβην.
ΠΕΙΡΑΙΕΥΣ, 19.— Ἰταλικόν ἐπιβατηγόν ἐρρυμούλκησε μικρόν πλοιάριον τό ὁποῖον ὑπέστη βλάβην.
ΣΥΛΛΗΨΙΣ ΦΥΓΟΠΟΙΝΟΥ
Συνελήφθη ὑπό τῆς ἀστυνομίας φυγόποινος καταδικασθείς εἰς φυλάκισιν.
ΑΘΗΝΑΙ, 19.— Ἀμερικανός ναύτης ἐξυλοκόπησεν ἕνα πολίτην καί πέντε ἀστυνομικούς. Συνελήφθη καί παρεδόθη εἰς τάς ἀρχάς.
ΑΘΗΝΑΙ, 19.— Ἀμερικανός ναύτης ἐξυλοκόπησεν ἕνα πολίτην καί πέντε ἀστυνομικούς. Συνελήφθη καί παρεδόθη εἰς τάς ἀρχάς.
ΑΘΗΝΑΙ, 19.— Ἀμερικανός ναύτης ἐξυλοκόπησεν ἕνα πολίτην καί πέντε ἀστυνομικούς. Συνελήφθη καί παρεδόθη εἰς τάς ἀρχάς.
ΚΑΛΗΝ ΣΥΜΠΕΡΙΦΟΡΑΝ ΤΩΝ ΠΛΟΙΑΡΧΩΝ ΠΡΟΣ ΤΑ ΜΕΛΗ ΤΩΝ ΠΛΗΡΩΜΑΤΩΝ ΤΩΝ ΣΥΝΕΣΤΗΣΕΝ Ο ΥΠΟΥΡΓΟΣ ΤΗΣ ΝΑΥΤΙΛΙΑΣ
ΑΘΗΝΑΙ, 19.— Ὁ ὑπουργός Ἐμπορικῆς Ναυτιλίας συνέστησεν εἰς τούς πλοιάρχους καλήν συμπεριφοράν πρός τά μέλη τῶν πληρωμάτων.
ΑΘΗΝΑΙ, 19.— Ὁ ὑπουργός Ἐμπορικῆς Ναυτιλίας συνέστησεν εἰς τούς πλοιάρχους καλήν συμπεριφοράν πρός τά μέλη τῶν πληρωμάτων.
ΑΠΗΛΛΑΓΗΣΑΝ ΟΙ ΔΥΟ ΝΟΤΙΟΑΦΡΙΚΑΝΟΙ ΦΥΛΑΚΕΣ ΟΙ ΦΟΝΕΥΣΑΝΤΕΣ ΚΑΤΟΠΙΝ ΞΥΛΟΔΑΡΜΟΥ ΙΘΑΓΕΝΗ
ΚΑΙΠ ΤΑΟΥΝ, 19.— Ἀπηλλάγησαν οἱ δύο φύλακες οἱ φονεύσαντες κατόπιν ξυλοδαρμοῦ ἰθαγενῆ κρατούμενον.
ΚΑΙΠ ΤΑΟΥΝ, 19.— Ἀπηλλάγησαν οἱ δύο φύλακες οἱ φονεύσαντες κατόπιν ξυλοδαρμοῦ ἰθαγενῆ κρατούμενον.
ΕΒΕΛΤΙΩΘΗ ΣΗΜΑΝΤΙΚΩΣ ΚΑΤΑ ΤΗΝ ΟΥΝΕΣΚΟ Η ΣΩΜΑΤΙΚΗ ΔΙΑΠΛΑΣΙΣ ΤΩΝ ΒΟΥΛΓΑΡΩΝ
ΣΟΦΙΑ, 19.— Κατά τήν ΟΥΝΕΣΚΟ ἐβελτιώθη σημαντικῶς ἡ σωματική διάπλασις τῶν Βουλγάρων κατά τάς τελευταίας δεκαετίας.
ΣΟΦΙΑ, 19.— Κατά τήν ΟΥΝΕΣΚΟ ἐβελτιώθη σημαντικῶς ἡ σωματική διάπλασις τῶν Βουλγάρων κατά τάς τελευταίας δεκαετίας.
ΝΕΑ ΚΤΗΝΙΑΤΡΕΙΑ ΜΕ ΠΛΗΡΗ ΟΡΓΑΝΩΣΙΝ ΘΑ ΔΗΜΙΟΥΡΓΗΘΟΥΝ ΕΙΣ ΤΟΥΣ ΝΟΜΟΥΣ
ΜΙΚΡΑΙ ΕΙΔΗΣΕΙΣ ΤΗΣ ΠΟΛΕΩΣ
ΑΘΗΝΑΙ, 19.— Εἰς τούς νομούς τῆς χώρας θά δημιουργηθοῦν νέα κτηνιατρεῖα μέ πλήρη ὀργάνωσιν καί σύγχρονα μέσα.
ΑΘΗΝΑΙ, 19.— Εἰς τούς νομούς τῆς χώρας θά δημιουργηθοῦν νέα κτηνιατρεῖα μέ πλήρη ὀργάνωσιν καί σύγχρονα μέσα.
ΑΘΗΝΑΙ, 19.— Εἰς τούς νομούς τῆς χώρας θά δημιουργηθοῦν νέα κτηνιατρεῖα μέ πλήρη ὀργάνωσιν καί σύγχρονα μέσα.
ΑΘΗΝΑΙ, 19.— Εἰς τούς νομούς τῆς χώρας θά δημιουργηθοῦν νέα κτηνιατρεῖα μέ πλήρη ὀργάνωσιν καί σύγχρονα μέσα.
ΠΙΠΤΕΙ ΕΙΣ ΤΟ ΚΕΝΟΝ ΚΑΙ Η ΝΕΑ ΚΙΝΗΣΙΣ ΠΡΟΣ ΣΥΓΚΡΟΤΗΣΙΝ "ΕΘΝΙΚΟΥ ΜΕΤΩΠΟΥ"
ΣΥΝΕΧΕΙΑ ἐκ τῆς 1ης σελίδος. Ἡ νέα κίνησις πρός συγκρότησιν «ἐθνικοῦ μετώπου» πίπτει εἰς τό κενόν, καθώς οὐδέν κόμμα ἀπεδέχθη τάς προτάσεις.
ΣΥΝΕΧΕΙΑ ἐκ τῆς 1ης σελίδος. Ἡ νέα κίνησις πρός συγκρότησιν «ἐθνικοῦ μετώπου» πίπτει εἰς τό κενόν, καθώς οὐδέν κόμμα ἀπεδέχθη τάς προτάσεις.
ΤΟ «ΜΕΤΩΠΟΝ»
ΣΥΝΕΧΕΙΑ ἐκ τῆς 1ης σελίδος. Ἡ νέα κίνησις πρός συγκρότησιν «ἐθνικοῦ μετώπου» πίπτει εἰς τό κενόν, καθώς οὐδέν κόμμα ἀπεδέχθη τάς προτάσεις.
ΑΡΘΡΟΝ ΤΟΥ Κ. ΤΣΙΡΙΜΟΚΟΥ
ΣΥΝΕΧΕΙΑ ἐκ τῆς 1ης σελίδος. Ἡ νέα κίνησις πρός συγκρότησιν «ἐθνικοῦ μετώπου» πίπτει εἰς τό κενόν, καθώς οὐδέν κόμμα ἀπεδέχθη τάς προτάσεις.
ΣΥΝΕΧΕΙΑ ἐκ τῆς 1ης σελίδος. Ἡ νέα κίνησις πρός συγκρότησιν «ἐθνικοῦ μετώπου» πίπτει εἰς τό κενόν, καθώς οὐδέν κόμμα ἀπεδέχθη τάς προτάσεις.
ΣΥΝΕΧΕΙΑ ἐκ τῆς 1ης σελίδος. Ἡ νέα κίνησις πρός συγκρότησιν «ἐθνικοῦ μετώπου» πίπτει εἰς τό κενόν, καθώς οὐδέν κόμμα ἀπεδέχθη τάς προτάσεις.
